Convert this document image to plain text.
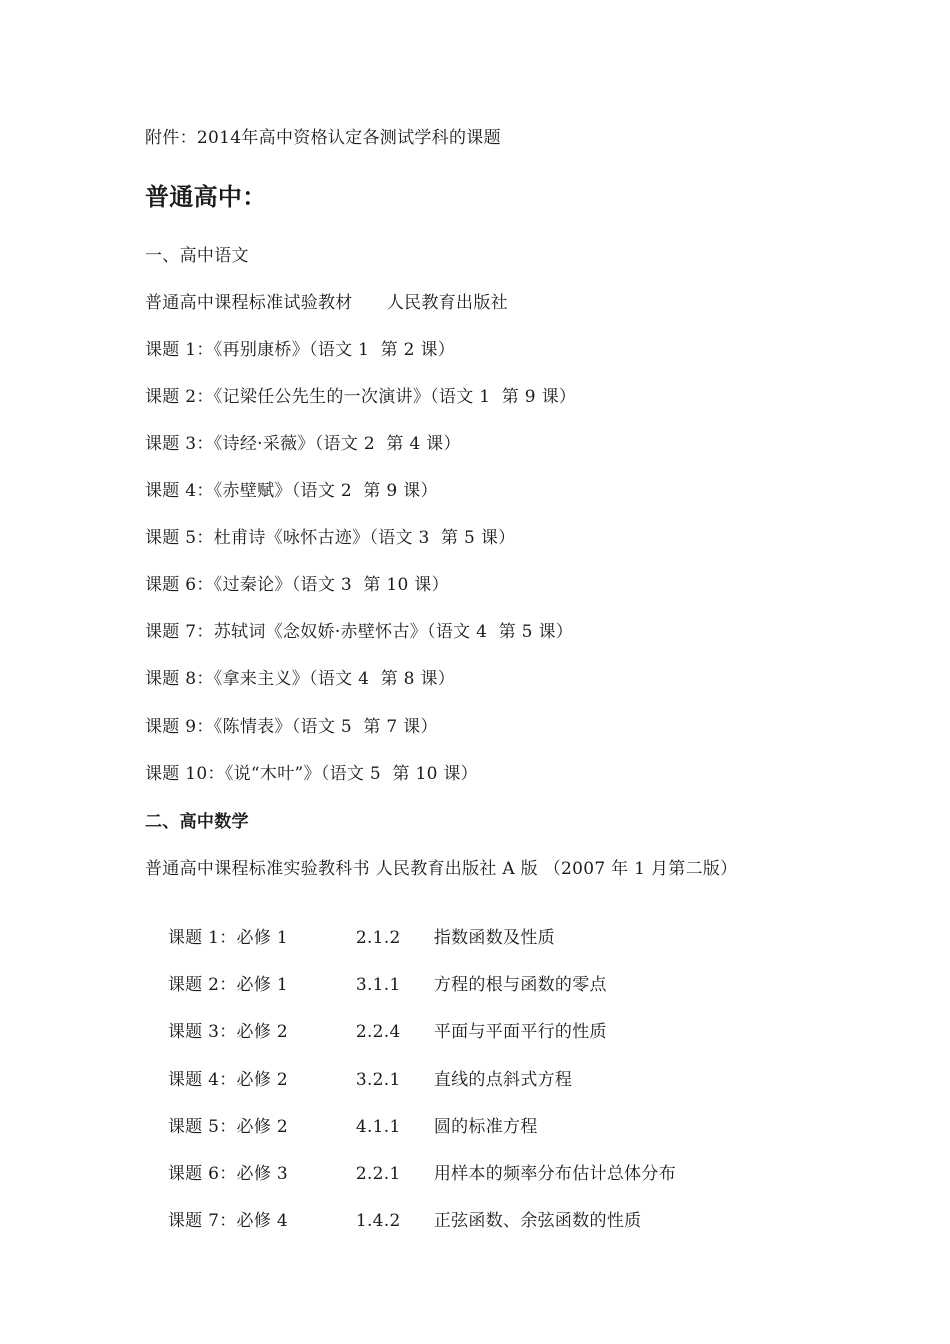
附件：2014年高中资格认定各测试学科的课题
普通高中：
一、高中语文
普通高中课程标准试验教材      人民教育出版社
课题 1：《再别康桥》（语文 1  第 2 课）
课题 2：《记梁任公先生的一次演讲》（语文 1  第 9 课）
课题 3：《诗经·采薇》（语文 2  第 4 课）
课题 4：《赤壁赋》（语文 2  第 9 课）
课题 5：杜甫诗《咏怀古迹》（语文 3  第 5 课）
课题 6：《过秦论》（语文 3  第 10 课）
课题 7：苏轼词《念奴娇·赤壁怀古》（语文 4  第 5 课）
课题 8：《拿来主义》（语文 4  第 8 课）
课题 9：《陈情表》（语文 5  第 7 课）
课题 10：《说“木叶”》（语文 5  第 10 课）
二、高中数学
普通高中课程标准实验教科书 人民教育出版社 A 版 （2007 年 1 月第二版）

课题 1：必修 1	2.1.2 指数函数及性质

课题 2：必修 1	3.1.1 方程的根与函数的零点

课题 3：必修 2	2.2.4 平面与平面平行的性质

课题 4：必修 2	3.2.1 直线的点斜式方程

课题 5：必修 2	4.1.1 圆的标准方程

课题 6：必修 3	2.2.1 用样本的频率分布估计总体分布

课题 7：必修 4	1.4.2 正弦函数、余弦函数的性质
